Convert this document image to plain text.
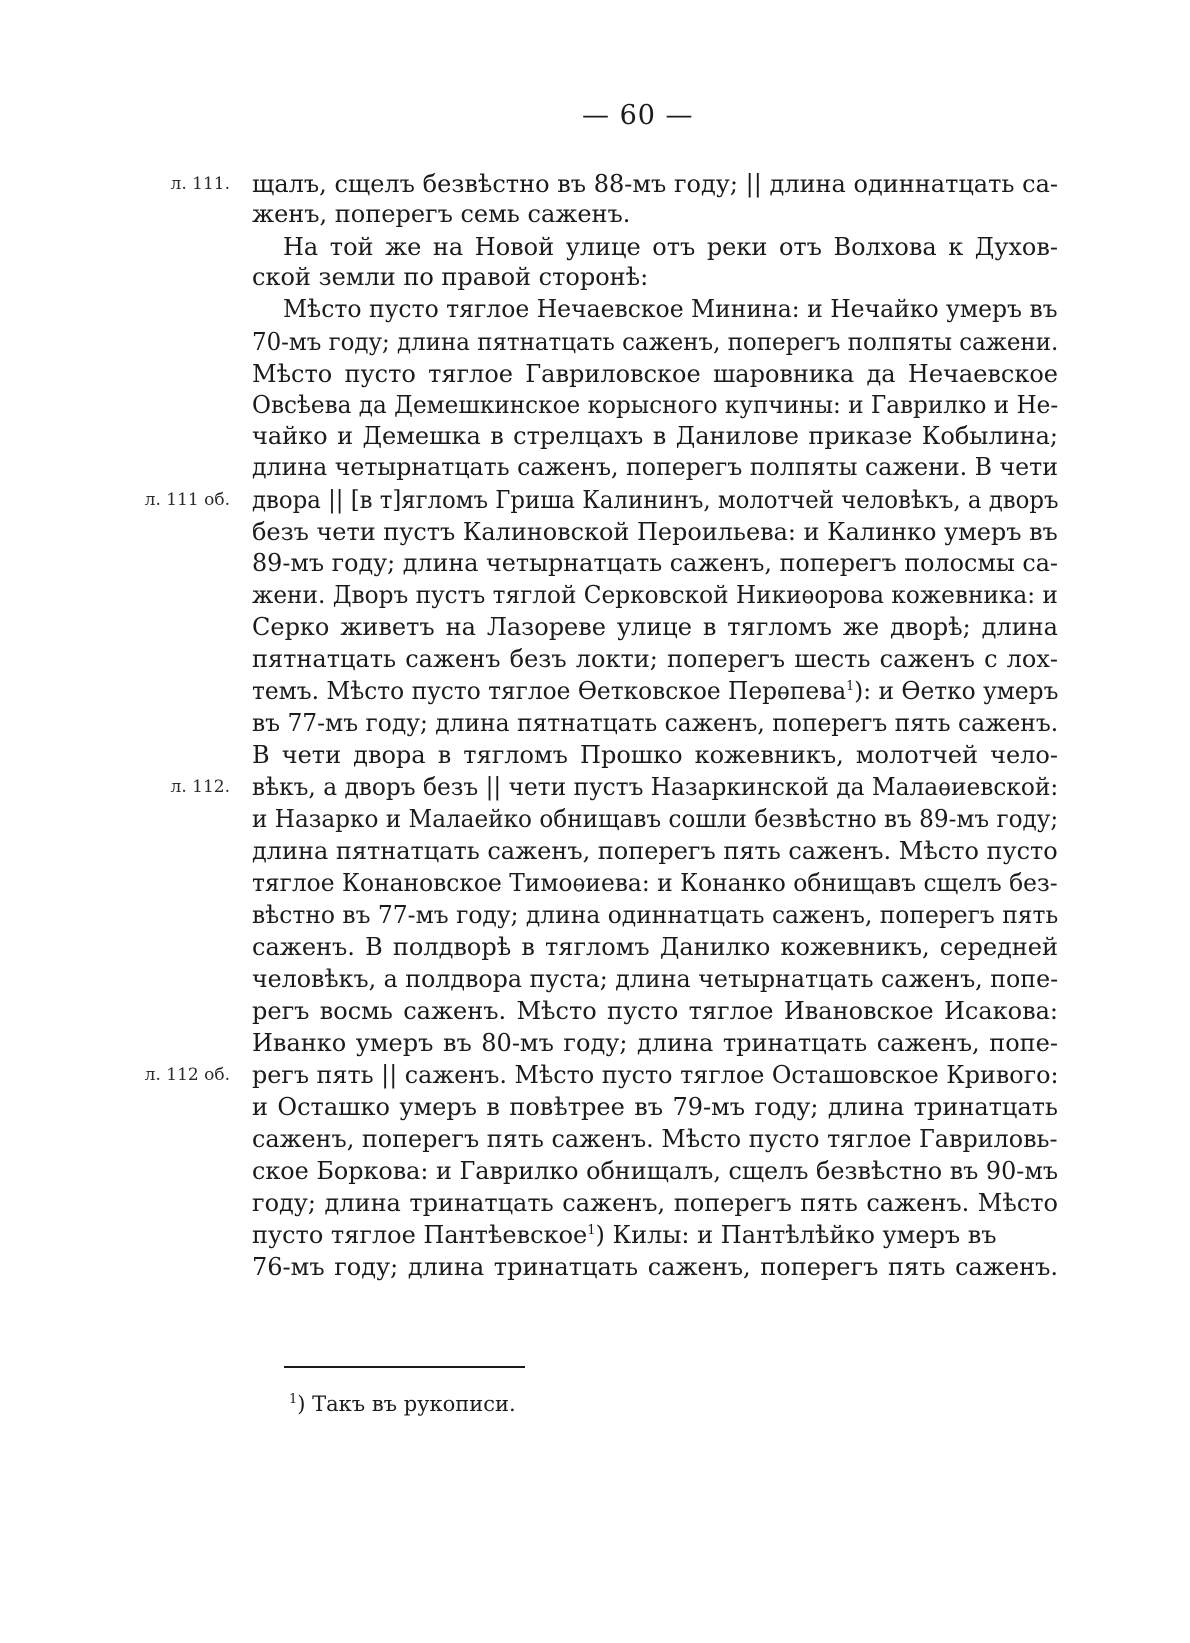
— 60 —
л. 111. щалъ, сщелъ безвѣстно въ 88-мъ году; || длина одиннатцать са-
женъ, поперегъ семь саженъ.
На той же на Новой улице отъ реки отъ Волхова к Духов-
ской земли по правой сторонѣ:
Мѣсто пусто тяглое Нечаевское Минина: и Нечайко умеръ въ
70-мъ году; длина пятнатцать саженъ, поперегъ полпяты сажени.
Мѣсто пусто тяглое Гавриловское шаровника да Нечаевское
Овсѣева да Демешкинское корысного купчины: и Гаврилко и Не-
чайко и Демешка в стрелцахъ в Данилове приказе Кобылина;
длина четырнатцать саженъ, поперегъ полпяты сажени. В чети
л. 111 об. двора || [в т]ягломъ Гриша Калининъ, молотчей человѣкъ, а дворъ
безъ чети пустъ Калиновской Пероильева: и Калинко умеръ въ
89-мъ году; длина четырнатцать саженъ, поперегъ полосмы са-
жени. Дворъ пустъ тяглой Серковской Никиѳорова кожевника: и
Серко живетъ на Лазореве улице в тягломъ же дворѣ; длина
пятнатцать саженъ безъ локти; поперегъ шесть саженъ с лох-
темъ. Мѣсто пусто тяглое Ѳетковское Перѳпева$^1$): и Ѳетко умеръ
въ 77-мъ году; длина пятнатцать саженъ, поперегъ пять саженъ.
В чети двора в тягломъ Прошко кожевникъ, молотчей чело-
л. 112. вѣкъ, а дворъ безъ || чети пустъ Назаркинской да Малаѳиевской:
и Назарко и Малаейко обнищавъ сошли безвѣстно въ 89-мъ году;
длина пятнатцать саженъ, поперегъ пять саженъ. Мѣсто пусто
тяглое Конановское Тимоѳиева: и Конанко обнищавъ сщелъ без-
вѣстно въ 77-мъ году; длина одиннатцать саженъ, поперегъ пять
саженъ. В полдворѣ в тягломъ Данилко кожевникъ, середней
человѣкъ, а полдвора пуста; длина четырнатцать саженъ, попе-
регъ восмь саженъ. Мѣсто пусто тяглое Ивановское Исакова:
Иванко умеръ въ 80-мъ году; длина тринатцать саженъ, попе-
л. 112 об. регъ пять || саженъ. Мѣсто пусто тяглое Осташовское Кривого:
и Осташко умеръ в повѣтрее въ 79-мъ году; длина тринатцать
саженъ, поперегъ пять саженъ. Мѣсто пусто тяглое Гавриловь-
ское Боркова: и Гаврилко обнищалъ, сщелъ безвѣстно въ 90-мъ
году; длина тринатцать саженъ, поперегъ пять саженъ. Мѣсто
пусто тяглое Пантѣевское$^1$) Килы: и Пантѣлѣйко умеръ въ
76-мъ году; длина тринатцать саженъ, поперегъ пять саженъ.
$^1$) Такъ въ рукописи.
